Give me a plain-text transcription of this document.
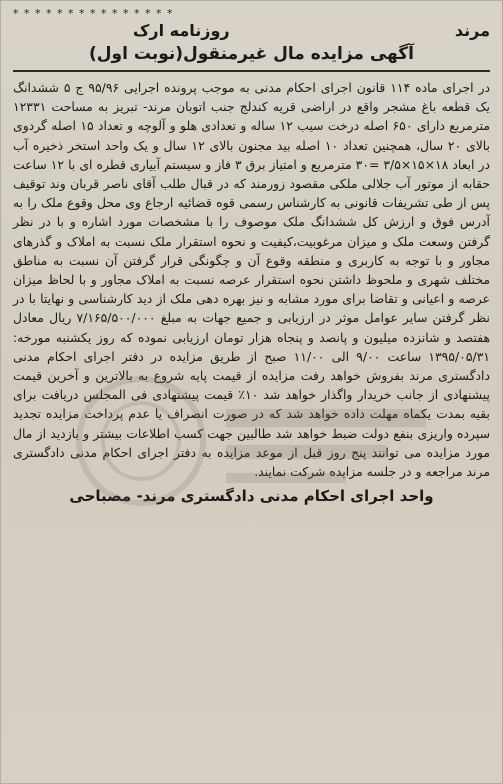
* * * * * * * * * * * * * * *
مرند
روزنامه ارک
آگهی مزایده مال غیرمنقول(نوبت اول)
در اجرای ماده ۱۱۴ قانون اجرای احکام مدنی به موجب پرونده اجرایی ۹۵/۹۶ ج ۵ ششدانگ یک قطعه باغ مشجر واقع در اراضی قریه کندلج جنب اتوبان مرند- تبریز به مساحت ۱۲۳۳۱ مترمربع دارای ۶۵۰ اصله درخت سیب ۱۲ ساله و تعدادی هلو و آلوچه و تعداد ۱۵ اصله گردوی بالای ۲۰ سال، همچنین تعداد ۱۰ اصله بید مجنون بالای ۱۲ سال و یک واحد استخر ذخیره آب در ابعاد ۱۸×۱۵×۳/۵ =۳۰ مترمربع و امتیاز برق ۳ فاز و سیستم آبیاری قطره ای با ۱۲ ساعت حقابه از موتور آب جلالی ملکی مقصود زورمند که در قبال طلب آقای ناصر قربان وند توقیف پس از طی تشریفات قانونی به کارشناس رسمی قوه قضائیه ارجاع وی محل وقوع ملک را به آدرس فوق و ارزش کل ششدانگ ملک موصوف را با مشخصات مورد اشاره و با در نظر گرفتن وسعت ملک و میزان مرغوبیت،کیفیت و نحوه استقرار ملک نسبت به املاک و گذرهای مجاور و با توجه به کاربری و منطقه وقوع آن و چگونگی قرار گرفتن آن نسبت به مناطق مختلف شهری و ملحوظ داشتن نحوه استقرار عرصه نسبت به املاک مجاور و با لحاظ میزان عرصه و اعیانی و تقاضا برای مورد مشابه و نیز بهره دهی ملک از دید کارشناسی و نهایتا با در نظر گرفتن سایر عوامل موثر در ارزیابی و جمیع جهات به مبلغ ۷/۱۶۵/۵۰۰/۰۰۰ ریال معادل هفتصد و شانزده میلیون و پانصد و پنجاه هزار تومان ارزیابی نموده که روز یکشنبه مورخه: ۱۳۹۵/۰۵/۳۱ ساعت ۹/۰۰ الی ۱۱/۰۰ صبح از طریق مزایده در دفتر اجرای احکام مدنی دادگستری مرند بفروش خواهد رفت مزایده از قیمت پایه شروع به بالاترین و آخرین قیمت پیشنهادی از جانب خریدار واگذار خواهد شد ۱۰٪ قیمت پیشنهادی فی المجلس دریافت برای بقیه بمدت یکماه مهلت داده خواهد شد که در صورت انصراف یا عدم پرداخت مزایده تجدید سپرده واریزی بنفع دولت ضبط خواهد شد طالبین جهت کسب اطلاعات بیشتر و بازدید از مال مورد مزایده می توانند پنج روز قبل از موعد مزایده به دفتر اجرای احکام مدنی دادگستری مرند مراجعه و در جلسه مزایده شرکت نمایند.
واحد اجرای احکام مدنی دادگستری مرند- مصباحی
